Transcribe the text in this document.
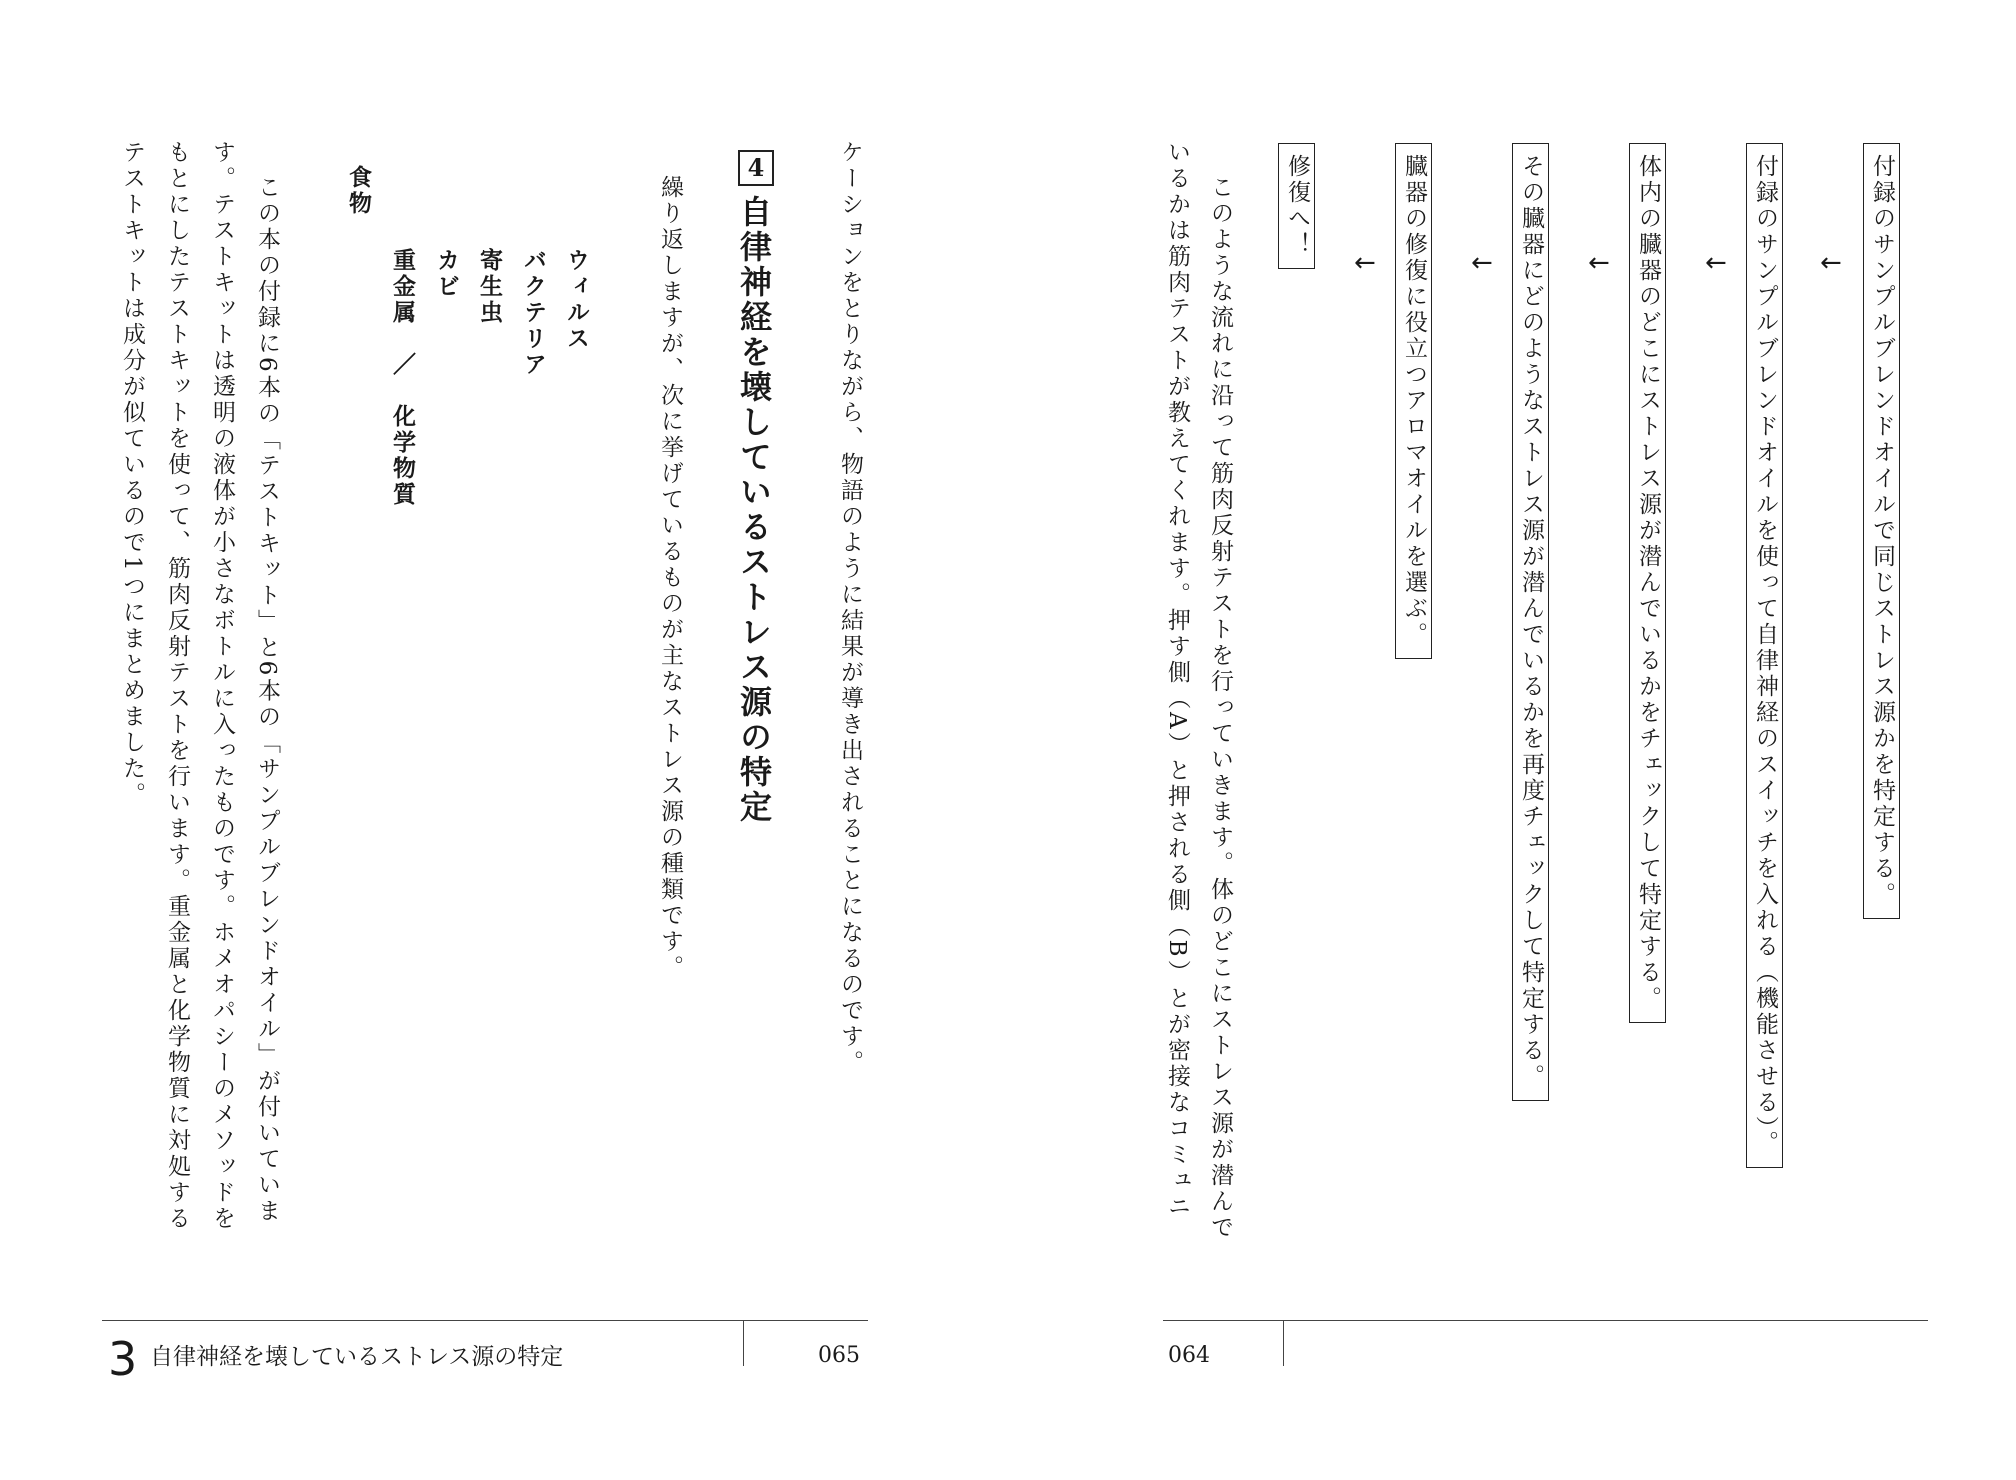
ケーションをとりながら、物語のように結果が導き出されることになるのです。
4
自律神経を壊しているストレス源の特定
繰り返しますが、次に挙げているものが主なストレス源の種類です。
ウィルス
バクテリア
寄生虫
カビ
重金属　／　化学物質
食物
この本の付録に6本の「テストキット」と6本の「サンプルブレンドオイル」が付いていま
す。テストキットは透明の液体が小さなボトルに入ったものです。ホメオパシーのメソッドを
もとにしたテストキットを使って、筋肉反射テストを行います。重金属と化学物質に対処する
テストキットは成分が似ているので1つにまとめました。
3 自律神経を壊しているストレス源の特定	065
付録のサンプルブレンドオイルで同じストレス源かを特定する。
←
付録のサンプルブレンドオイルを使って自律神経のスイッチを入れる（機能させる）。
←
体内の臓器のどこにストレス源が潜んでいるかをチェックして特定する。
←
その臓器にどのようなストレス源が潜んでいるかを再度チェックして特定する。
←
臓器の修復に役立つアロマオイルを選ぶ。
←
修復へ！
このような流れに沿って筋肉反射テストを行っていきます。体のどこにストレス源が潜んで
いるかは筋肉テストが教えてくれます。押す側（A）と押される側（B）とが密接なコミュニ
064
